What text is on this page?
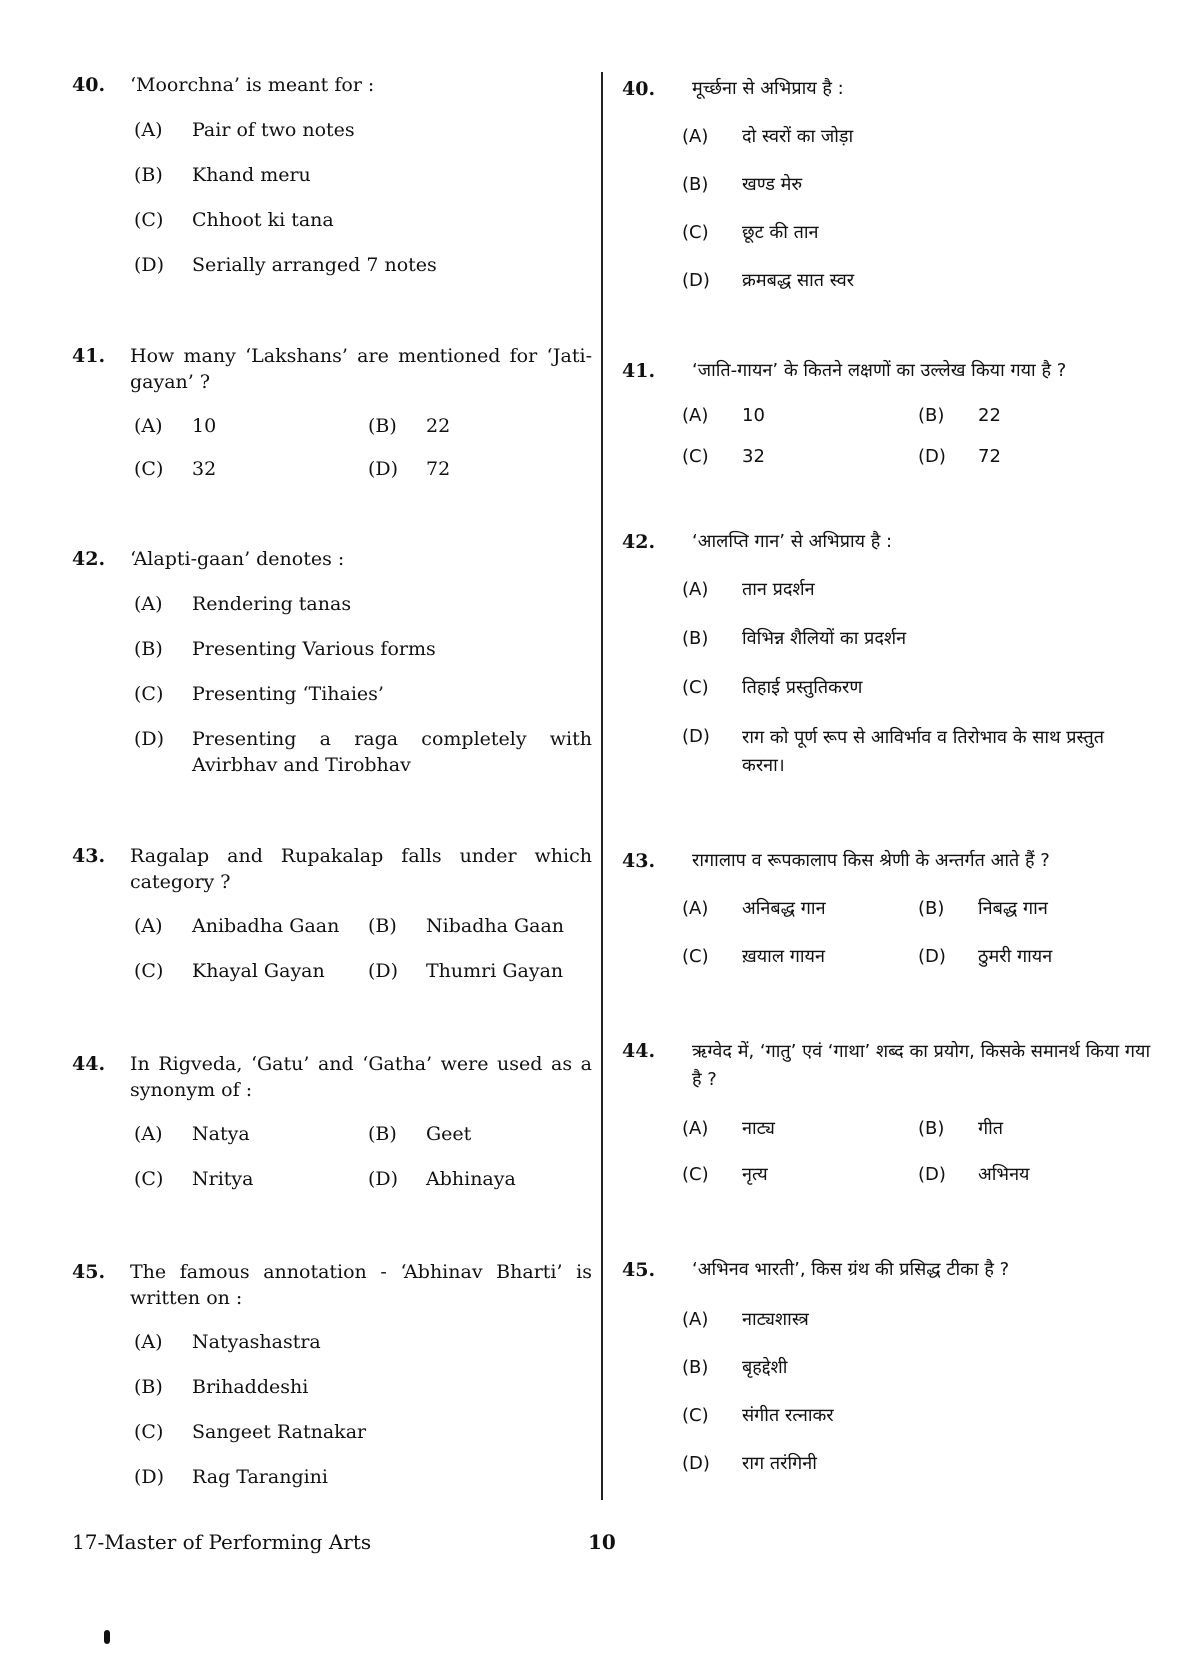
40. ‘Moorchna’ is meant for :
(A) Pair of two notes
(B) Khand meru
(C) Chhoot ki tana
(D) Serially arranged 7 notes
41. How many ‘Lakshans’ are mentioned for ‘Jati-gayan’ ?
(A) 10	(B) 22
(C) 32	(D) 72
42. ‘Alapti-gaan’ denotes :
(A) Rendering tanas
(B) Presenting Various forms
(C) Presenting ‘Tihaies’
(D) Presenting a raga completely with Avirbhav and Tirobhav
43. Ragalap and Rupakalap falls under which category ?
(A) Anibadha Gaan (B) Nibadha Gaan
(C) Khayal Gayan (D) Thumri Gayan
44. In Rigveda, ‘Gatu’ and ‘Gatha’ were used as a synonym of :
(A) Natya	(B) Geet
(C) Nritya	(D) Abhinaya
45. The famous annotation - ‘Abhinav Bharti’ is written on :
(A) Natyashastra
(B) Brihaddeshi
(C) Sangeet Ratnakar
(D) Rag Tarangini
40. मूर्च्छना से अभिप्राय है :
(A) दो स्वरों का जोड़ा
(B) खण्ड मेरु
(C) छूट की तान
(D) क्रमबद्ध सात स्वर
41. ‘जाति-गायन’ के कितने लक्षणों का उल्लेख किया गया है ?
(A) 10	(B) 22
(C) 32	(D) 72
42. ‘आलप्ति गान’ से अभिप्राय है :
(A) तान प्रदर्शन
(B) विभिन्न शैलियों का प्रदर्शन
(C) तिहाई प्रस्तुतिकरण
(D) राग को पूर्ण रूप से आविर्भाव व तिरोभाव के साथ प्रस्तुत करना।
43. रागालाप व रूपकालाप किस श्रेणी के अन्तर्गत आते हैं ?
(A) अनिबद्ध गान	(B) निबद्ध गान
(C) ख़याल गायन	(D) ठुमरी गायन
44. ऋग्वेद में, ‘गातु’ एवं ‘गाथा’ शब्द का प्रयोग, किसके समानर्थ किया गया है ?
(A) नाट्य	(B) गीत
(C) नृत्य	(D) अभिनय
45. ‘अभिनव भारती’, किस ग्रंथ की प्रसिद्ध टीका है ?
(A) नाट्यशास्त्र
(B) बृहद्देशी
(C) संगीत रत्नाकर
(D) राग तरंगिनी
17-Master of Performing Arts	10
